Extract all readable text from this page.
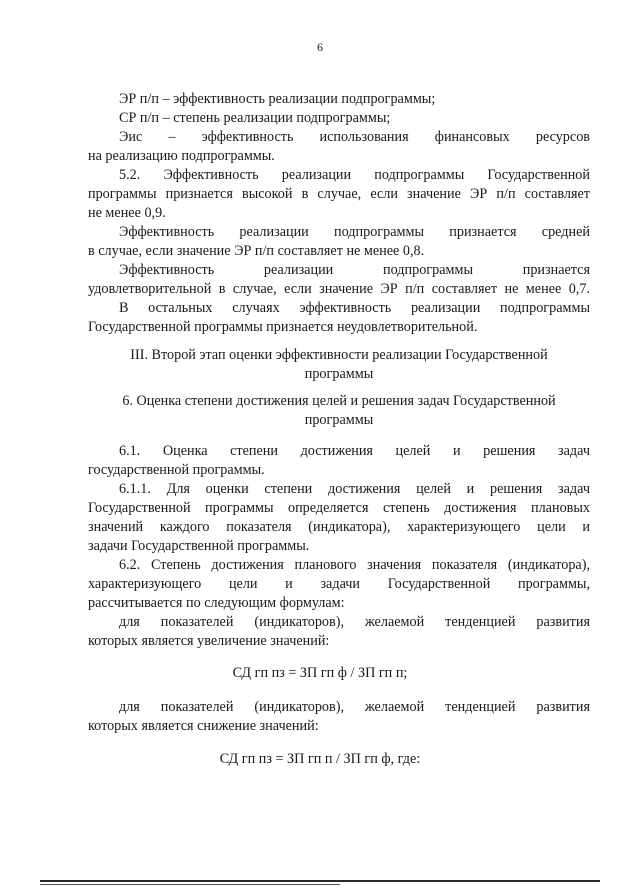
6
ЭР п/п – эффективность реализации подпрограммы;
СР п/п – степень реализации подпрограммы;
Эис – эффективность использования финансовых ресурсов
на реализацию подпрограммы.
5.2. Эффективность реализации подпрограммы Государственной
программы признается высокой в случае, если значение ЭР п/п составляет
не менее 0,9.
Эффективность реализации подпрограммы признается средней
в случае, если значение ЭР п/п составляет не менее 0,8.
Эффективность реализации подпрограммы признается
удовлетворительной в случае, если значение ЭР п/п составляет не менее 0,7.
В остальных случаях эффективность реализации подпрограммы
Государственной программы признается неудовлетворительной.
III. Второй этап оценки эффективности реализации Государственной
программы
6. Оценка степени достижения целей и решения задач Государственной
программы
6.1. Оценка степени достижения целей и решения задач
государственной программы.
6.1.1. Для оценки степени достижения целей и решения задач
Государственной программы определяется степень достижения плановых
значений каждого показателя (индикатора), характеризующего цели и
задачи Государственной программы.
6.2. Степень достижения планового значения показателя (индикатора),
характеризующего цели и задачи Государственной программы,
рассчитывается по следующим формулам:
для показателей (индикаторов), желаемой тенденцией развития
которых является увеличение значений:
СД гп пз = ЗП гп ф / ЗП гп п;
для показателей (индикаторов), желаемой тенденцией развития
которых является снижение значений:
СД гп пз = ЗП гп п / ЗП гп ф, где:
